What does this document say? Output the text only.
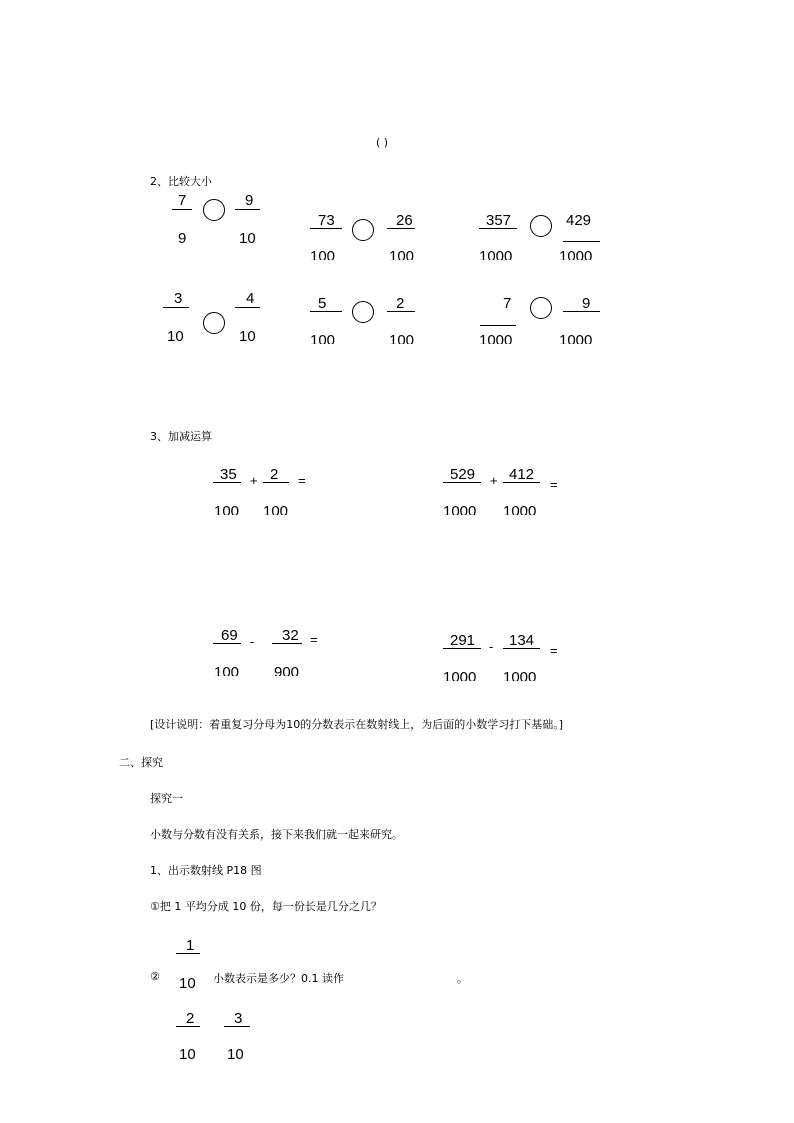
( )
2、比较大小
7
9
9
10
73
100
26
100
357
1000
429
1000
3
10
4
10
5
100
2
100
7
1000
9
1000
3、加减运算
35
100
+ 2
100
=	529
1000
+ 412
1000
=
69
100
- 32
900
=	291
1000
- 134
1000
=
[设计说明：着重复习分母为10的分数表示在数射线上，为后面的小数学习打下基础。]
二、探究
探究一
小数与分数有没有关系，接下来我们就一起来研究。
1、出示数射线 P18 图
①把 1 平均分成 10 份，每一份长是几分之几？
②
1
10 小数表示是多少？0.1 读作	。
2
10
3
10
